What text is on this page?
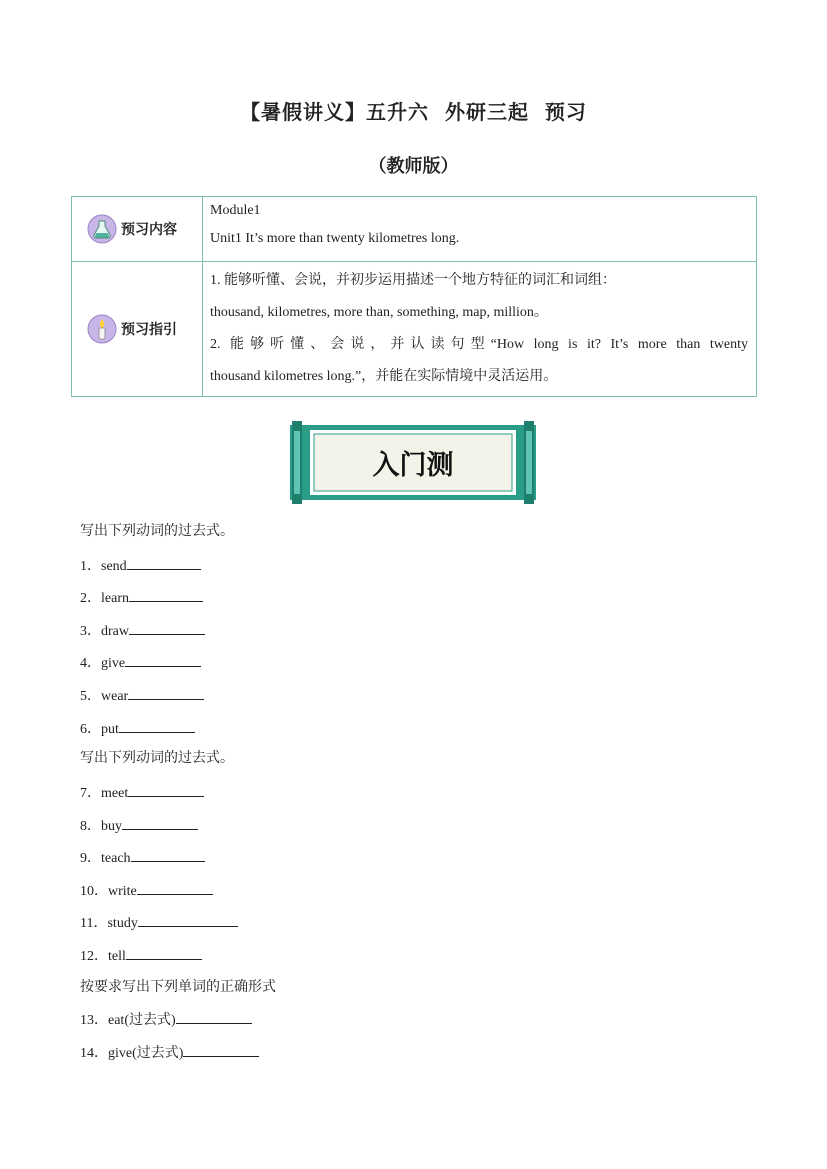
【暑假讲义】五升六  外研三起  预习
（教师版）
预习内容	Module1
Unit1 It’s more than twenty kilometres long.

预习指引	1. 能够听懂、会说，并初步运用描述一个地方特征的词汇和词组：
thousand, kilometres, more than, something, map, million。
2. 能够听懂、会说，并认读句型“How long is it? It’s more than twenty
thousand kilometres long.”，并能在实际情境中灵活运用。
入门测
写出下列动词的过去式。
1．send
2．learn
3．draw
4．give
5．wear
6．put
写出下列动词的过去式。
7．meet
8．buy
9．teach
10．write
11．study
12．tell
按要求写出下列单词的正确形式
13．eat(过去式)
14．give(过去式)
